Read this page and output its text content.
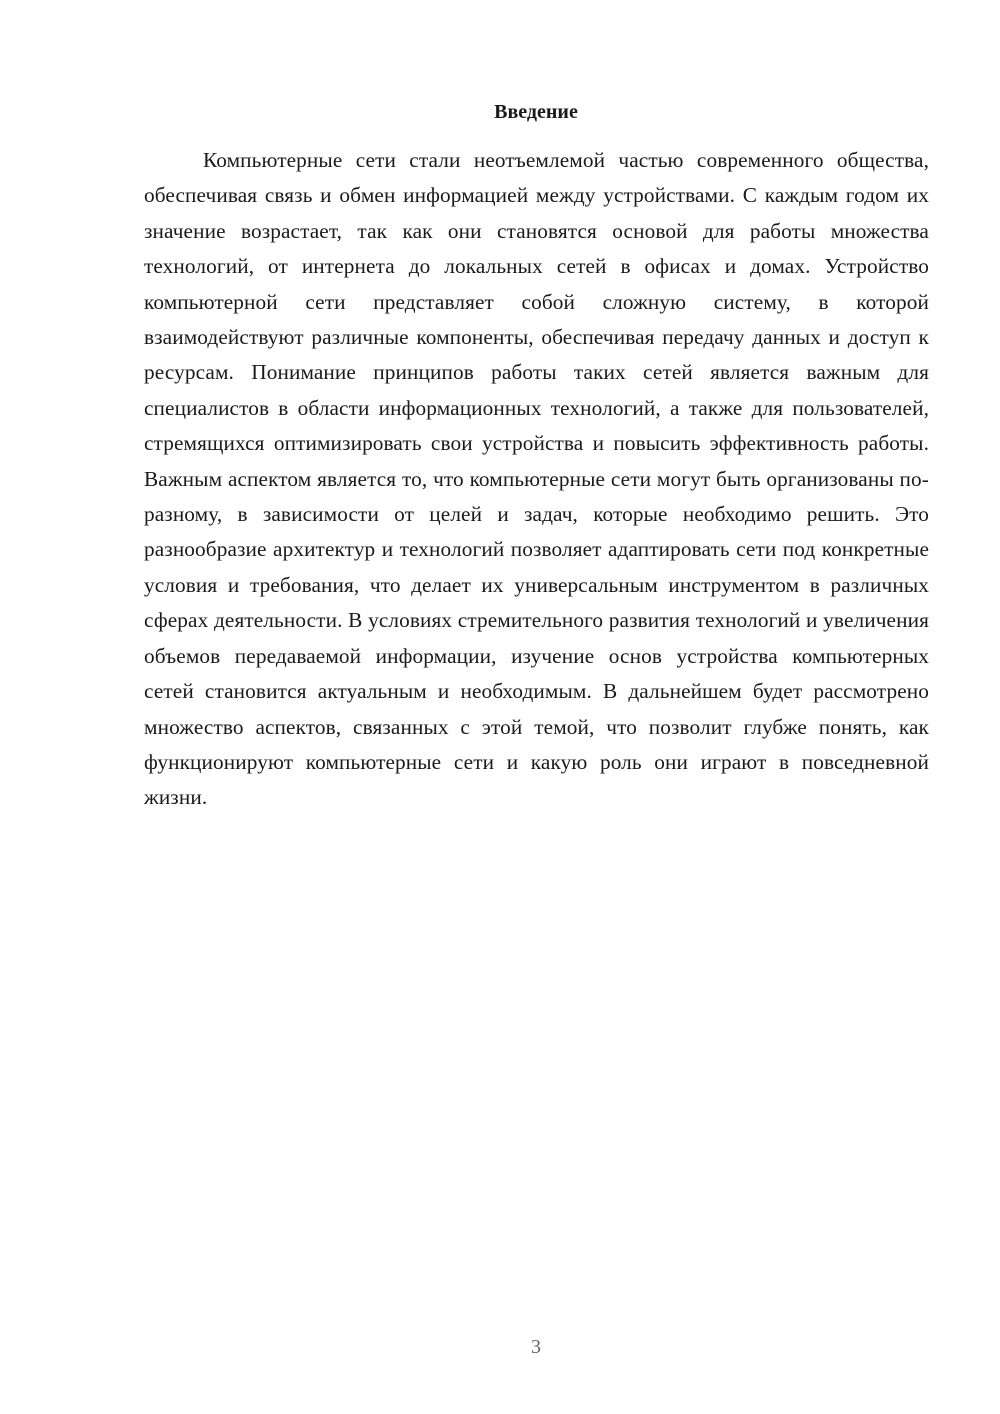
Введение

Компьютерные сети стали неотъемлемой частью современного общества, обеспечивая связь и обмен информацией между устройствами. С каждым годом их значение возрастает, так как они становятся основой для работы множества технологий, от интернета до локальных сетей в офисах и домах. Устройство компьютерной сети представляет собой сложную систему, в которой взаимодействуют различные компоненты, обеспечивая передачу данных и доступ к ресурсам. Понимание принципов работы таких сетей является важным для специалистов в области информационных технологий, а также для пользователей, стремящихся оптимизировать свои устройства и повысить эффективность работы. Важным аспектом является то, что компьютерные сети могут быть организованы по-разному, в зависимости от целей и задач, которые необходимо решить. Это разнообразие архитектур и технологий позволяет адаптировать сети под конкретные условия и требования, что делает их универсальным инструментом в различных сферах деятельности. В условиях стремительного развития технологий и увеличения объемов передаваемой информации, изучение основ устройства компьютерных сетей становится актуальным и необходимым. В дальнейшем будет рассмотрено множество аспектов, связанных с этой темой, что позволит глубже понять, как функционируют компьютерные сети и какую роль они играют в повседневной жизни.

3
